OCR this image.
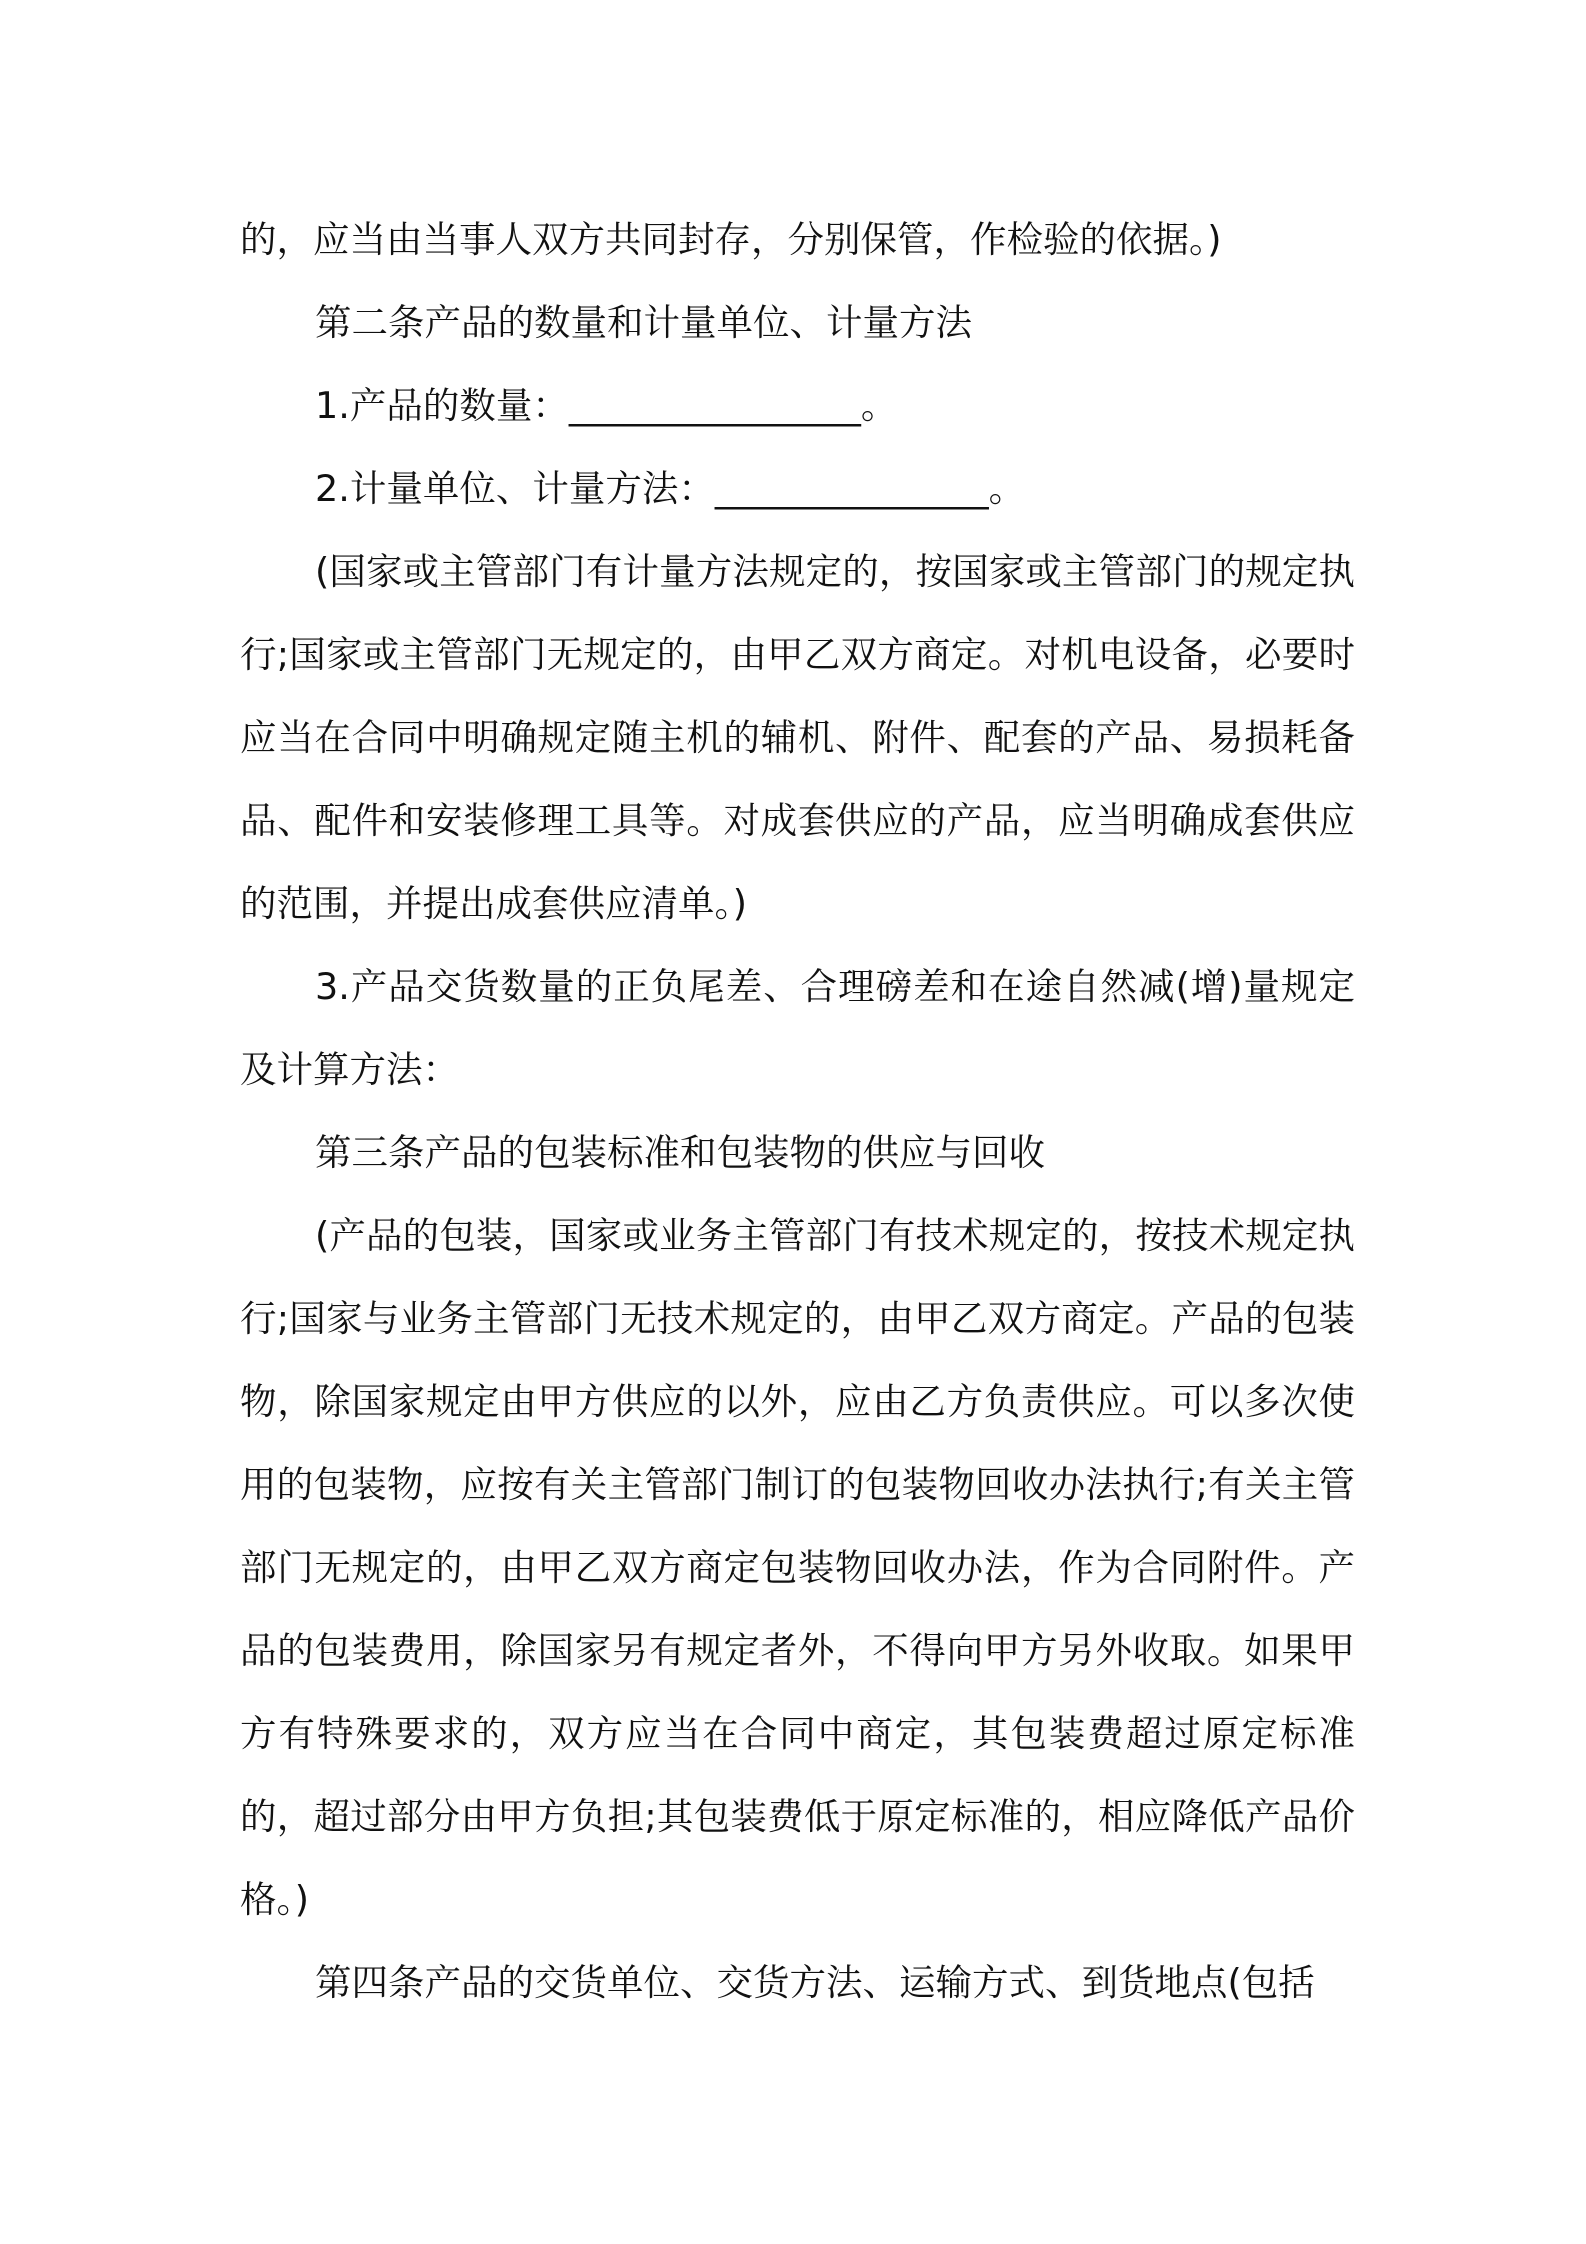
的，应当由当事人双方共同封存，分别保管，作检验的依据。)

第二条产品的数量和计量单位、计量方法

1.产品的数量：________________。

2.计量单位、计量方法：_______________。

(国家或主管部门有计量方法规定的，按国家或主管部门的规定执行;国家或主管部门无规定的，由甲乙双方商定。对机电设备，必要时应当在合同中明确规定随主机的辅机、附件、配套的产品、易损耗备品、配件和安装修理工具等。对成套供应的产品，应当明确成套供应的范围，并提出成套供应清单。)

3.产品交货数量的正负尾差、合理磅差和在途自然减(增)量规定及计算方法：

第三条产品的包装标准和包装物的供应与回收

(产品的包装，国家或业务主管部门有技术规定的，按技术规定执行;国家与业务主管部门无技术规定的，由甲乙双方商定。产品的包装物，除国家规定由甲方供应的以外，应由乙方负责供应。可以多次使用的包装物，应按有关主管部门制订的包装物回收办法执行;有关主管部门无规定的，由甲乙双方商定包装物回收办法，作为合同附件。产品的包装费用，除国家另有规定者外，不得向甲方另外收取。如果甲方有特殊要求的，双方应当在合同中商定，其包装费超过原定标准的，超过部分由甲方负担;其包装费低于原定标准的，相应降低产品价格。)

第四条产品的交货单位、交货方法、运输方式、到货地点(包括
